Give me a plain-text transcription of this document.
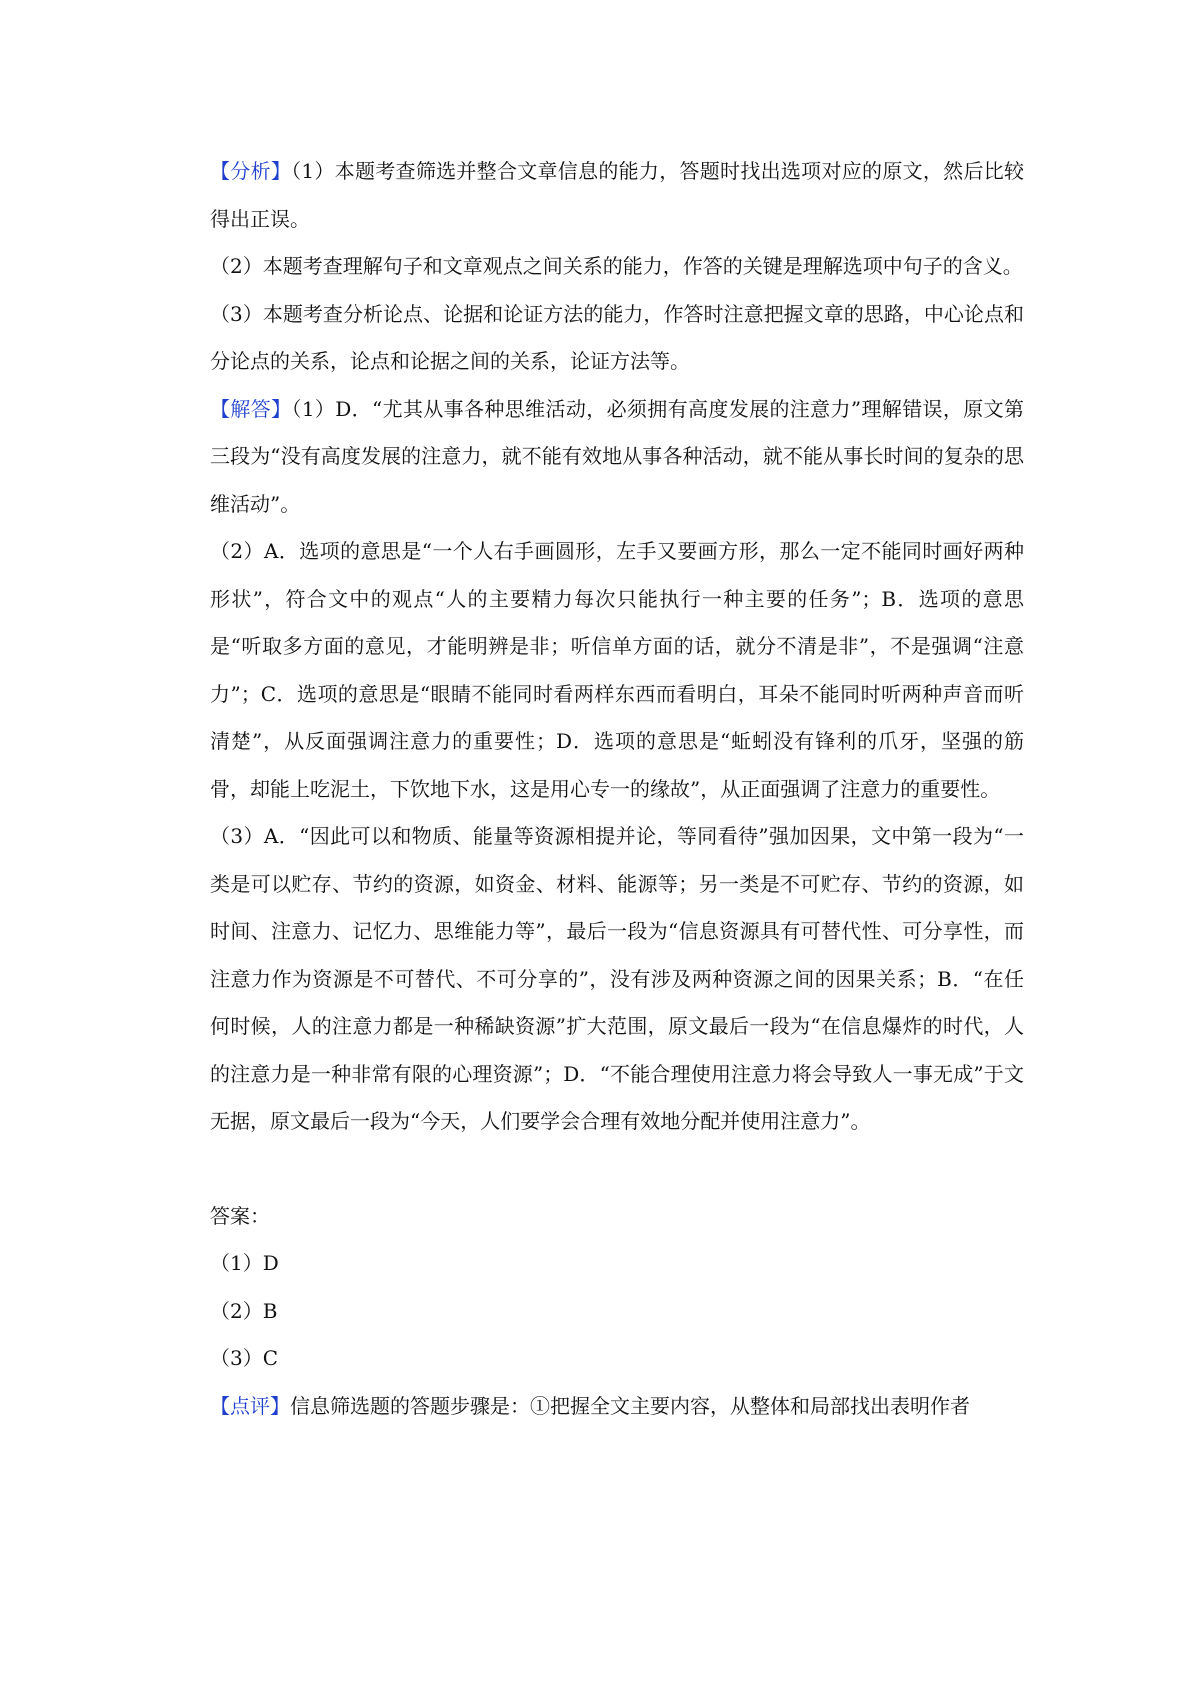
【分析】（1）本题考查筛选并整合文章信息的能力，答题时找出选项对应的原文，然后比较得出正误。

（2）本题考查理解句子和文章观点之间关系的能力，作答的关键是理解选项中句子的含义。

（3）本题考查分析论点、论据和论证方法的能力，作答时注意把握文章的思路，中心论点和分论点的关系，论点和论据之间的关系，论证方法等。

【解答】（1）D．“尤其从事各种思维活动，必须拥有高度发展的注意力”理解错误，原文第三段为“没有高度发展的注意力，就不能有效地从事各种活动，就不能从事长时间的复杂的思维活动”。

（2）A．选项的意思是“一个人右手画圆形，左手又要画方形，那么一定不能同时画好两种形状”，符合文中的观点“人的主要精力每次只能执行一种主要的任务”；B．选项的意思是“听取多方面的意见，才能明辨是非；听信单方面的话，就分不清是非”，不是强调“注意力”；C．选项的意思是“眼睛不能同时看两样东西而看明白，耳朵不能同时听两种声音而听清楚”，从反面强调注意力的重要性；D．选项的意思是“蚯蚓没有锋利的爪牙，坚强的筋骨，却能上吃泥土，下饮地下水，这是用心专一的缘故”，从正面强调了注意力的重要性。

（3）A．“因此可以和物质、能量等资源相提并论，等同看待”强加因果，文中第一段为“一类是可以贮存、节约的资源，如资金、材料、能源等；另一类是不可贮存、节约的资源，如时间、注意力、记忆力、思维能力等”，最后一段为“信息资源具有可替代性、可分享性，而注意力作为资源是不可替代、不可分享的”，没有涉及两种资源之间的因果关系；B．“在任何时候，人的注意力都是一种稀缺资源”扩大范围，原文最后一段为“在信息爆炸的时代，人的注意力是一种非常有限的心理资源”；D．“不能合理使用注意力将会导致人一事无成”于文无据，原文最后一段为“今天，人们要学会合理有效地分配并使用注意力”。

答案：

（1）D

（2）B

（3）C

【点评】信息筛选题的答题步骤是：①把握全文主要内容，从整体和局部找出表明作者
